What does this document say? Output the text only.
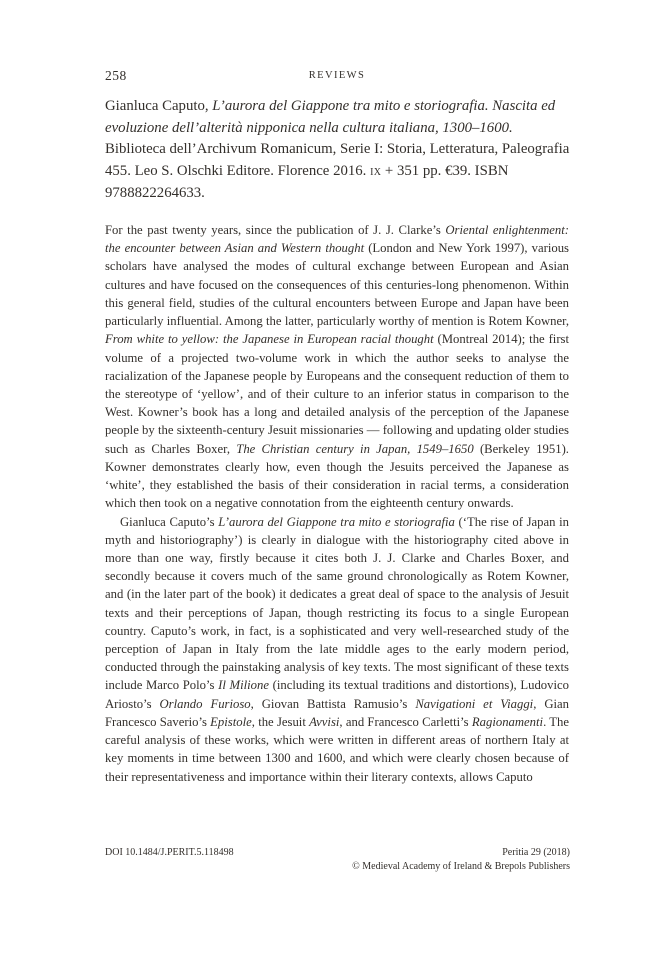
258	REVIEWS
Gianluca Caputo, L’aurora del Giappone tra mito e storiografia. Nascita ed evoluzione dell’alterità nipponica nella cultura italiana, 1300–1600. Biblioteca dell’Archivum Romanicum, Serie I: Storia, Letteratura, Paleografia 455. Leo S. Olschki Editore. Florence 2016. ix + 351 pp. €39. ISBN 9788822264633.

For the past twenty years, since the publication of J. J. Clarke’s Oriental enlightenment: the encounter between Asian and Western thought (London and New York 1997), various scholars have analysed the modes of cultural exchange between European and Asian cultures and have focused on the consequences of this centuries-long phenomenon. Within this general field, studies of the cultural encounters between Europe and Japan have been particularly influential. Among the latter, particularly worthy of mention is Rotem Kowner, From white to yellow: the Japanese in European racial thought (Montreal 2014); the first volume of a projected two-volume work in which the author seeks to analyse the racialization of the Japanese people by Europeans and the consequent reduction of them to the stereotype of ‘yellow’, and of their culture to an inferior status in comparison to the West. Kowner’s book has a long and detailed analysis of the perception of the Japanese people by the sixteenth-century Jesuit missionaries — following and updating older studies such as Charles Boxer, The Christian century in Japan, 1549–1650 (Berkeley 1951). Kowner demonstrates clearly how, even though the Jesuits perceived the Japanese as ‘white’, they established the basis of their consideration in racial terms, a consideration which then took on a negative connotation from the eighteenth century onwards.

Gianluca Caputo’s L’aurora del Giappone tra mito e storiografia (‘The rise of Japan in myth and historiography’) is clearly in dialogue with the historiography cited above in more than one way, firstly because it cites both J. J. Clarke and Charles Boxer, and secondly because it covers much of the same ground chronologically as Rotem Kowner, and (in the later part of the book) it dedicates a great deal of space to the analysis of Jesuit texts and their perceptions of Japan, though restricting its focus to a single European country. Caputo’s work, in fact, is a sophisticated and very well-researched study of the perception of Japan in Italy from the late middle ages to the early modern period, conducted through the painstaking analysis of key texts. The most significant of these texts include Marco Polo’s Il Milione (including its textual traditions and distortions), Ludovico Ariosto’s Orlando Furioso, Giovan Battista Ramusio’s Navigationi et Viaggi, Gian Francesco Saverio’s Epistole, the Jesuit Avvisi, and Francesco Carletti’s Ragionamenti. The careful analysis of these works, which were written in different areas of northern Italy at key moments in time between 1300 and 1600, and which were clearly chosen because of their representativeness and importance within their literary contexts, allows Caputo

DOI 10.1484/J.PERIT.5.118498	Peritia 29 (2018)
© Medieval Academy of Ireland & Brepols Publishers
